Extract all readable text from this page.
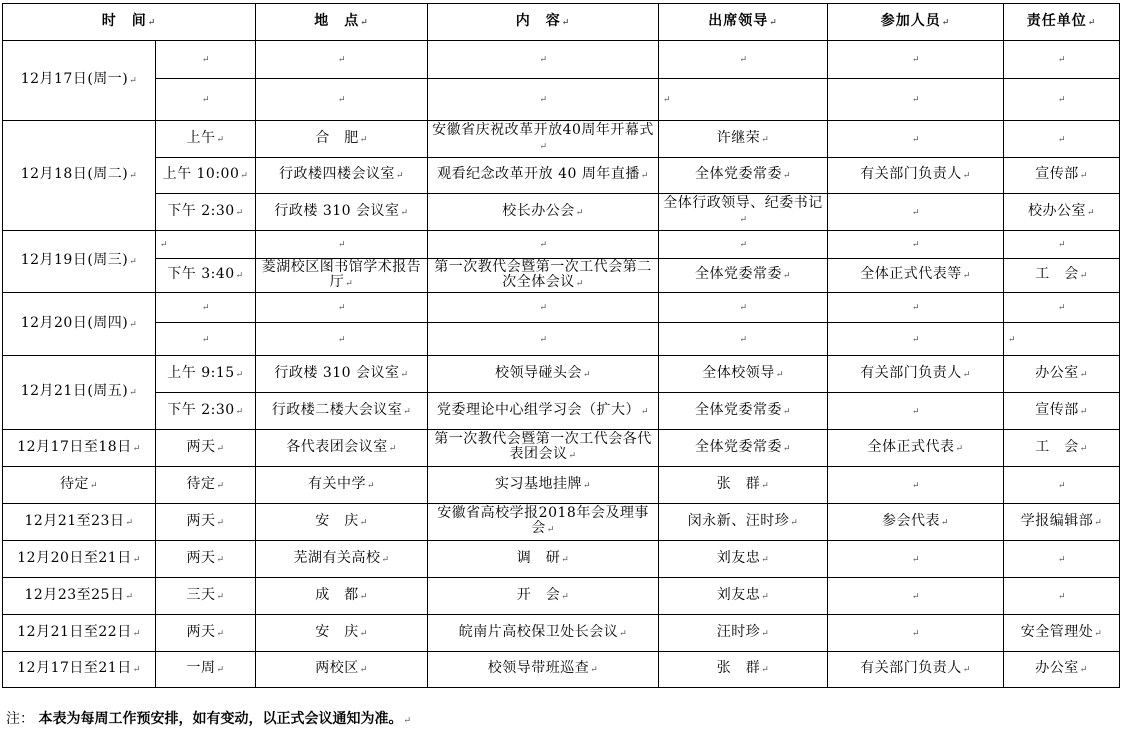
时　间↵		地　点↵	内　容↵	出席领导↵	参加人员↵	责任单位↵
12月17日(周一)↵	↵	↵	↵	↵	↵	↵
	↵	↵	↵	↵	↵	↵
12月18日(周二)↵	上午↵	合　肥↵	安徽省庆祝改革开放40周年开幕式↵	许继荣↵	↵	↵
	上午 10:00↵	行政楼四楼会议室↵	观看纪念改革开放 40 周年直播↵	全体党委常委↵	有关部门负责人↵	宣传部↵
	下午 2:30↵	行政楼 310 会议室↵	校长办公会↵	全体行政领导、纪委书记↵	↵	校办公室↵
12月19日(周三)↵	↵	↵	↵	↵	↵	↵
	下午 3:40↵	菱湖校区图书馆学术报告厅↵	第一次教代会暨第一次工代会第二次全体会议↵	全体党委常委↵	全体正式代表等↵	工　会↵
12月20日(周四)↵	↵	↵	↵	↵	↵	↵
	↵	↵	↵	↵	↵	↵
12月21日(周五)↵	上午 9:15↵	行政楼 310 会议室↵	校领导碰头会↵	全体校领导↵	有关部门负责人↵	办公室↵
	下午 2:30↵	行政楼二楼大会议室↵	党委理论中心组学习会（扩大）↵	全体党委常委↵	↵	宣传部↵
12月17日至18日↵	两天↵	各代表团会议室↵	第一次教代会暨第一次工代会各代表团会议↵	全体党委常委↵	全体正式代表↵	工　会↵
待定↵	待定↵	有关中学↵	实习基地挂牌↵	张　群↵	↵	↵
12月21至23日↵	两天↵	安　庆↵	安徽省高校学报2018年会及理事会↵	闵永新、汪时珍↵	参会代表↵	学报编辑部↵
12月20日至21日↵	两天↵	芜湖有关高校↵	调　研↵	刘友忠↵	↵	↵
12月23至25日↵	三天↵	成　都↵	开　会↵	刘友忠↵	↵	↵
12月21日至22日↵	两天↵	安　庆↵	皖南片高校保卫处长会议↵	汪时珍↵	↵	安全管理处↵
12月17日至21日↵	一周↵	两校区↵	校领导带班巡查↵	张　群↵	有关部门负责人↵	办公室↵
注： 本表为每周工作预安排，如有变动，以正式会议通知为准。↵
